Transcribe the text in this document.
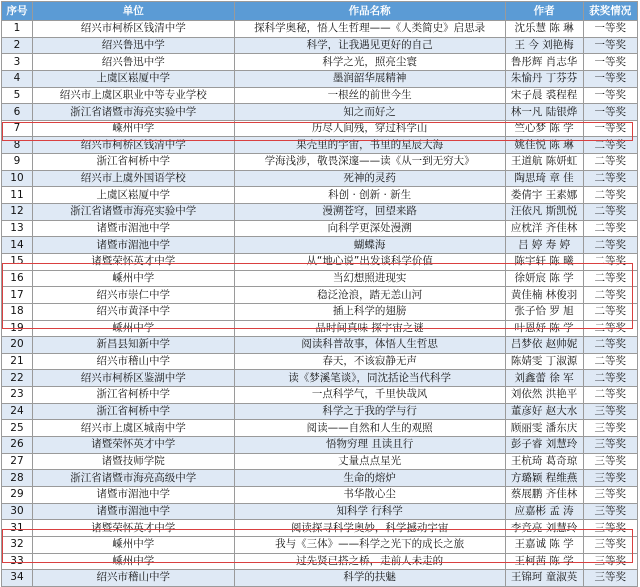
序号	单位	作品名称	作者	获奖情况
1	绍兴市柯桥区钱清中学	探科学奥秘，悟人生哲理——《人类简史》启思录	沈乐慧 陈 琳	一等奖
2	绍兴鲁迅中学	科学，让我遇见更好的自己	王 今 刘艳梅	一等奖
3	绍兴鲁迅中学	科学之光，照亮尘寰	鲁彤辉 肖志华	一等奖
4	上虞区崧厦中学	墨润韶华展精神	朱愉丹 丁芬芬	一等奖
5	绍兴市上虞区职业中等专业学校	一根丝的前世今生	宋子晨 裘程程	一等奖
6	浙江省诸暨市海亮实验中学	知之而好之	林一凡 陆银烨	一等奖
7	嵊州中学	历尽人间残，穿过科学山	竺心梦 陈 学	一等奖
8	绍兴市柯桥区钱清中学	果壳里的宇宙，书里的星辰大海	姚佳悦 陈 琳	二等奖
9	浙江省柯桥中学	学海浅涉，敬畏深邃——读《从一到无穷大》	王道航 陈妍虹	二等奖
10	绍兴市上虞外国语学校	死神的灵药	陶思琦 章 佳	二等奖
11	上虞区崧厦中学	科创 · 创新 · 新生	娄倩宇 王素娜	二等奖
12	浙江省诸暨市海亮实验中学	漫溯苍穹，回望来路	汪依凡 斯凯悦	二等奖
13	诸暨市湄池中学	向科学更深处漫溯	应枕洋 齐佳林	二等奖
14	诸暨市湄池中学	蝴蝶海	吕 婷 寿 婷	二等奖
15	诸暨荣怀英才中学	从“地心说”出发谈科学价值	陈宇轩 陈 曦	二等奖
16	嵊州中学	当幻想照进现实	徐妍宸 陈 学	二等奖
17	绍兴市崇仁中学	稳泛沧浪，踏无恙山河	黄佳楠 林俊羽	二等奖
18	绍兴市黄泽中学	插上科学的翅膀	张子恰 罗 旭	二等奖
19	嵊州中学	品时间真味 探宇宙之谜	叶恩妤 陈 学	二等奖
20	新昌县知新中学	阅读科普故事，体悟人生哲思	吕梦依 赵帅妮	二等奖
21	绍兴市稽山中学	春天，不该寂静无声	陈婧雯 丁淑源	二等奖
22	绍兴市柯桥区鉴湖中学	读《梦溪笔谈》，同沈括论当代科学	刘鑫蕾 徐 军	二等奖
23	浙江省柯桥中学	一点科学气，千里快哉风	刘依然 洪艳平	二等奖
24	浙江省柯桥中学	科学之于我的学与行	董彦好 赵大水	三等奖
25	绍兴市上虞区城南中学	阅读——自然和人生的观照	顾丽雯 潘东庆	三等奖
26	诸暨荣怀英才中学	悟物穷理 且读且行	彭子睿 刘慧玲	三等奖
27	诸暨技师学院	丈量点点星光	王杭琦 葛奇琼	三等奖
28	浙江省诸暨市海亮高级中学	生命的熔炉	方璐颖 程维燕	三等奖
29	诸暨市湄池中学	书华散心尘	蔡展鹏 齐佳林	三等奖
30	诸暨市湄池中学	知科学 行科学	应嘉彬 孟 涛	三等奖
31	诸暨荣怀英才中学	阅读探寻科学奥妙，科学撼动宇宙	李竞亮 刘慧玲	三等奖
32	嵊州中学	我与《三体》——科学之光下的成长之旅	王嘉诚 陈 学	三等奖
33	嵊州中学	过先贤已搭之桥，走前人未走的	王柯茜 陈 学	三等奖
34	绍兴市稽山中学	科学的扶魅	王锦珂 童淑英	三等奖
